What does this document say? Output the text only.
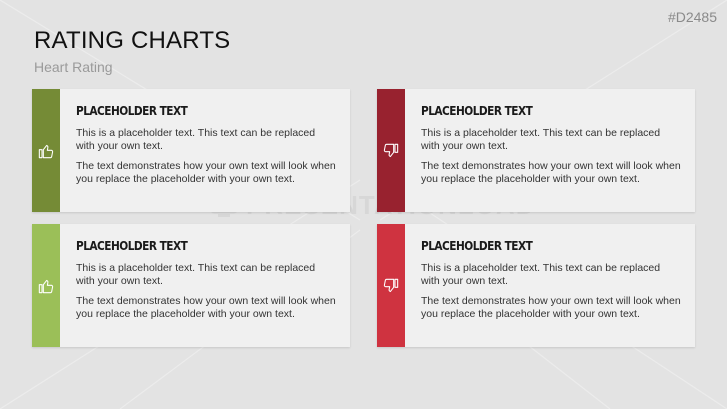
#D2485
RATING CHARTS
Heart Rating
PLACEHOLDER TEXT

This is a placeholder text. This text can be replaced with your own text.

The text demonstrates how your own text will look when you replace the placeholder with your own text.

PLACEHOLDER TEXT

This is a placeholder text. This text can be replaced with your own text.

The text demonstrates how your own text will look when you replace the placeholder with your own text.

PLACEHOLDER TEXT

This is a placeholder text. This text can be replaced with your own text.

The text demonstrates how your own text will look when you replace the placeholder with your own text.

PLACEHOLDER TEXT

This is a placeholder text. This text can be replaced with your own text.

The text demonstrates how your own text will look when you replace the placeholder with your own text.
